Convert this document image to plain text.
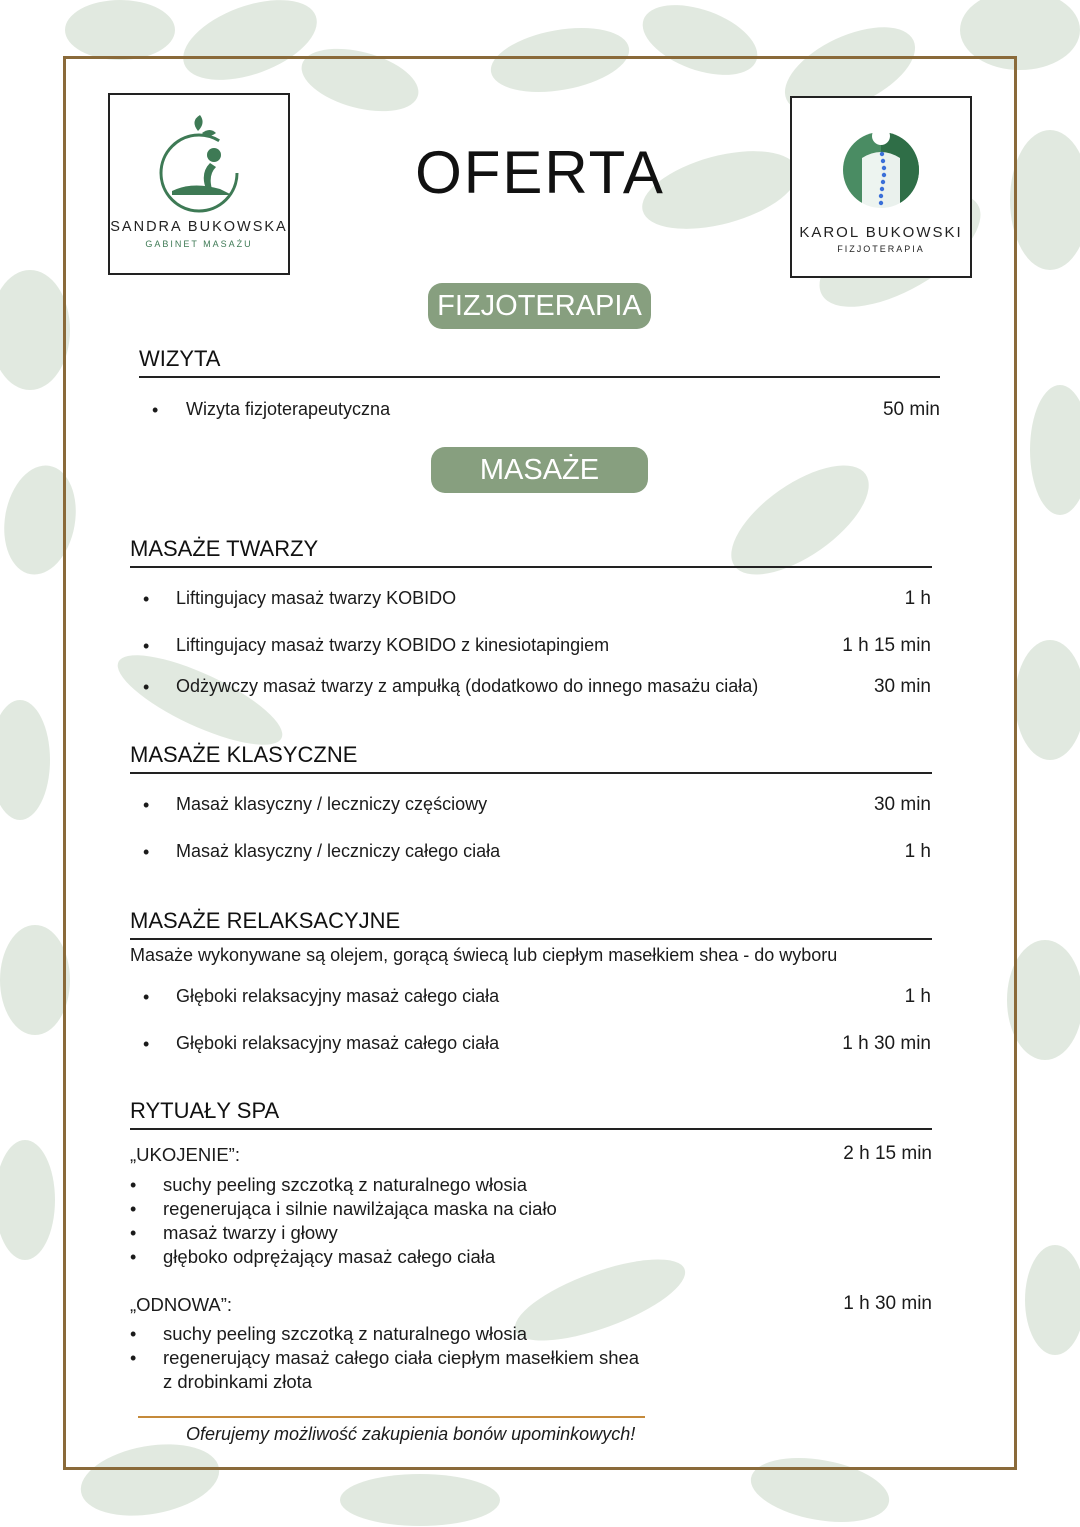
SANDRA BUKOWSKA
GABINET MASAŻU
KAROL BUKOWSKI
FIZJOTERAPIA
OFERTA
FIZJOTERAPIA
WIZYTA
• Wizyta fizjoterapeutyczna	50 min
MASAŻE
MASAŻE TWARZY
• Liftingujacy masaż twarzy KOBIDO	1 h
• Liftingujacy masaż twarzy KOBIDO z kinesiotapingiem	1 h 15 min
• Odżywczy masaż twarzy z ampułką (dodatkowo do innego masażu ciała)	30 min
MASAŻE KLASYCZNE
• Masaż klasyczny / leczniczy częściowy	30 min
• Masaż klasyczny / leczniczy całego ciała	1 h
MASAŻE RELAKSACYJNE
Masaże wykonywane są olejem, gorącą świecą lub ciepłym masełkiem shea - do wyboru
• Głęboki relaksacyjny masaż całego ciała	1 h
• Głęboki relaksacyjny masaż całego ciała	1 h 30 min
RYTUAŁY SPA
„UKOJENIE”:	2 h 15 min
• suchy peeling szczotką z naturalnego włosia
• regenerująca i silnie nawilżająca maska na ciało
• masaż twarzy i głowy
• głęboko odprężający masaż całego ciała
„ODNOWA”:	1 h 30 min
• suchy peeling szczotką z naturalnego włosia
• regenerujący masaż całego ciała ciepłym masełkiem shea
z drobinkami złota
Oferujemy możliwość zakupienia bonów upominkowych!
